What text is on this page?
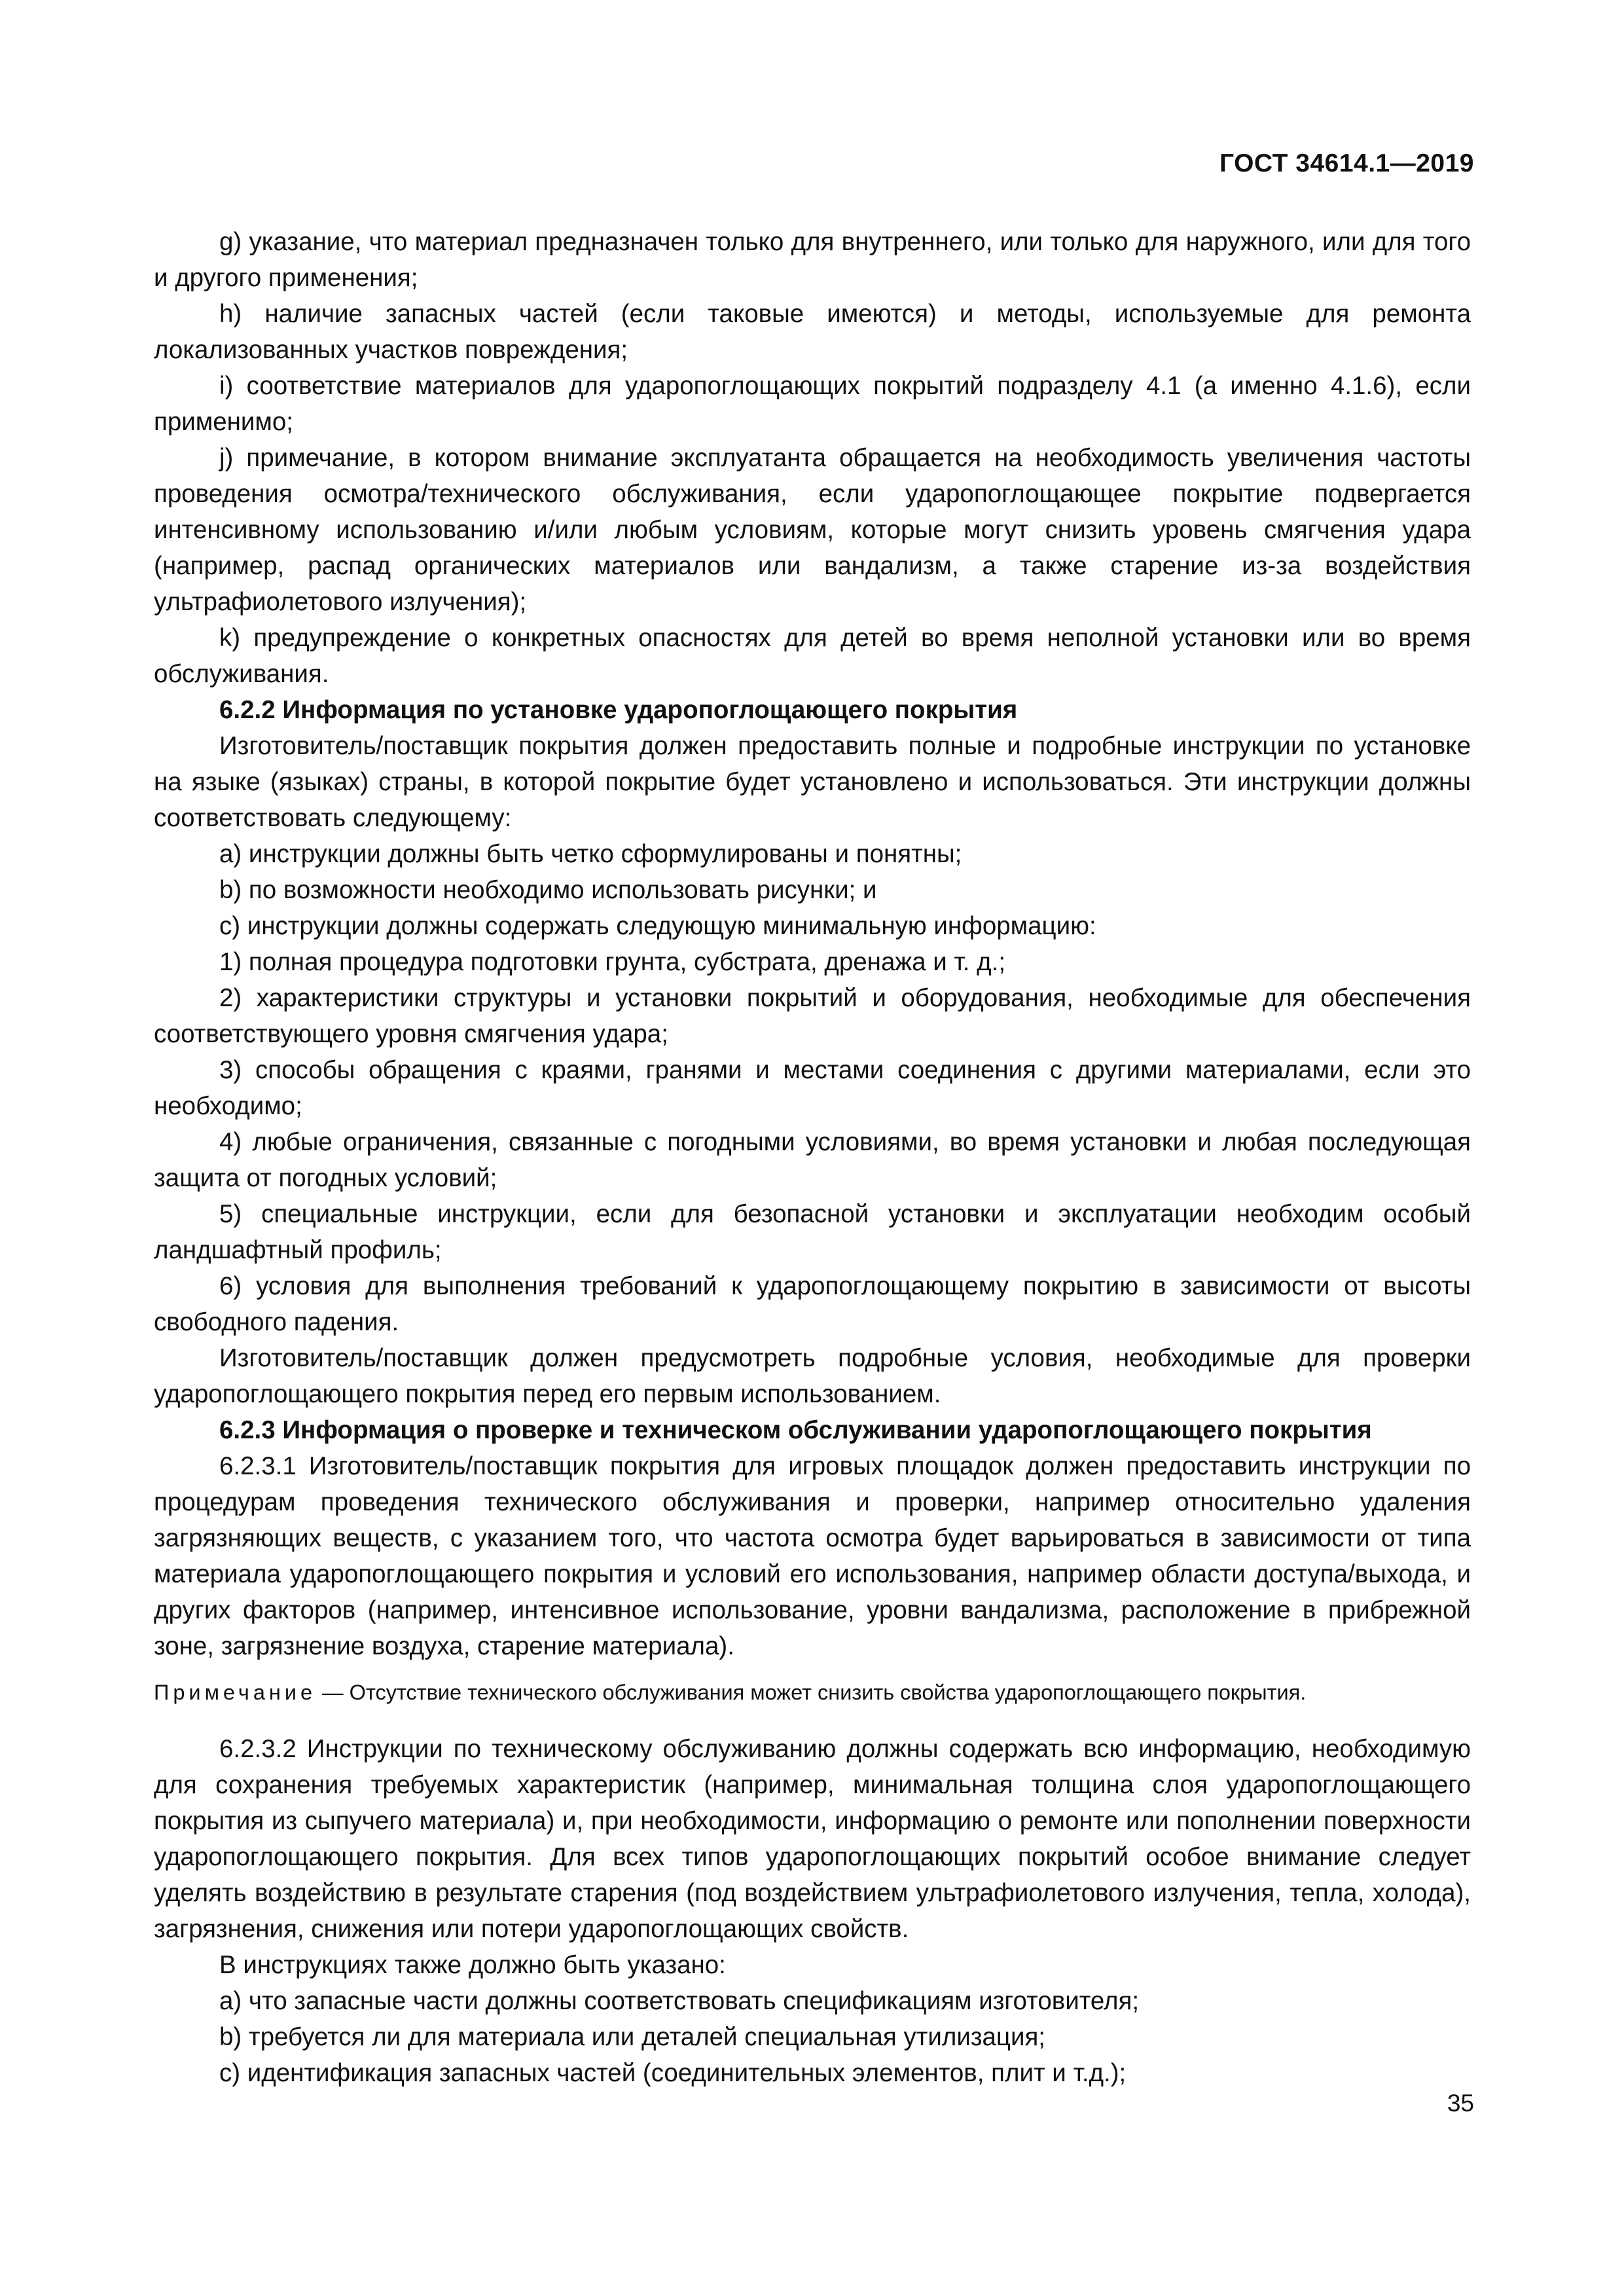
ГОСТ 34614.1—2019

g) указание, что материал предназначен только для внутреннего, или только для наружного, или для того и другого применения;

h) наличие запасных частей (если таковые имеются) и методы, используемые для ремонта локализованных участков повреждения;

i) соответствие материалов для ударопоглощающих покрытий подразделу 4.1 (а именно 4.1.6), если применимо;

j) примечание, в котором внимание эксплуатанта обращается на необходимость увеличения частоты проведения осмотра/технического обслуживания, если ударопоглощающее покрытие подвергается интенсивному использованию и/или любым условиям, которые могут снизить уровень смягчения удара (например, распад органических материалов или вандализм, а также старение из-за воздействия ультрафиолетового излучения);

k) предупреждение о конкретных опасностях для детей во время неполной установки или во время обслуживания.

6.2.2 Информация по установке ударопоглощающего покрытия

Изготовитель/поставщик покрытия должен предоставить полные и подробные инструкции по установке на языке (языках) страны, в которой покрытие будет установлено и использоваться. Эти инструкции должны соответствовать следующему:

a) инструкции должны быть четко сформулированы и понятны;

b) по возможности необходимо использовать рисунки; и

c) инструкции должны содержать следующую минимальную информацию:

1) полная процедура подготовки грунта, субстрата, дренажа и т. д.;

2) характеристики структуры и установки покрытий и оборудования, необходимые для обеспечения соответствующего уровня смягчения удара;

3) способы обращения с краями, гранями и местами соединения с другими материалами, если это необходимо;

4) любые ограничения, связанные с погодными условиями, во время установки и любая последующая защита от погодных условий;

5) специальные инструкции, если для безопасной установки и эксплуатации необходим особый ландшафтный профиль;

6) условия для выполнения требований к ударопоглощающему покрытию в зависимости от высоты свободного падения.

Изготовитель/поставщик должен предусмотреть подробные условия, необходимые для проверки ударопоглощающего покрытия перед его первым использованием.

6.2.3 Информация о проверке и техническом обслуживании ударопоглощающего покрытия

6.2.3.1 Изготовитель/поставщик покрытия для игровых площадок должен предоставить инструкции по процедурам проведения технического обслуживания и проверки, например относительно удаления загрязняющих веществ, с указанием того, что частота осмотра будет варьироваться в зависимости от типа материала ударопоглощающего покрытия и условий его использования, например области доступа/выхода, и других факторов (например, интенсивное использование, уровни вандализма, расположение в прибрежной зоне, загрязнение воздуха, старение материала).

Примечание — Отсутствие технического обслуживания может снизить свойства ударопоглощающего покрытия.

6.2.3.2 Инструкции по техническому обслуживанию должны содержать всю информацию, необходимую для сохранения требуемых характеристик (например, минимальная толщина слоя ударопоглощающего покрытия из сыпучего материала) и, при необходимости, информацию о ремонте или пополнении поверхности ударопоглощающего покрытия. Для всех типов ударопоглощающих покрытий особое внимание следует уделять воздействию в результате старения (под воздействием ультрафиолетового излучения, тепла, холода), загрязнения, снижения или потери ударопоглощающих свойств.

В инструкциях также должно быть указано:

a) что запасные части должны соответствовать спецификациям изготовителя;

b) требуется ли для материала или деталей специальная утилизация;

c) идентификация запасных частей (соединительных элементов, плит и т.д.);

35
